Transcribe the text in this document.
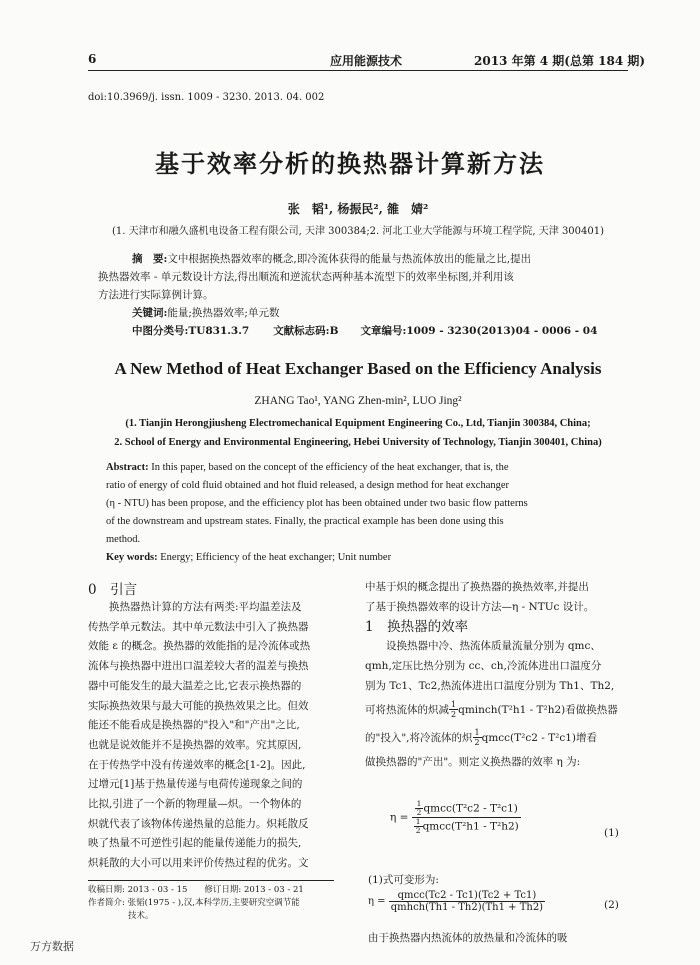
6	应用能源技术	2013 年第 4 期(总第 184 期)
doi:10.3969/j. issn. 1009 - 3230. 2013. 04. 002
基于效率分析的换热器计算新方法
张　韬¹, 杨振民², 雒　婧²
(1. 天津市和融久盛机电设备工程有限公司, 天津 300384;2. 河北工业大学能源与环境工程学院, 天津 300401)
摘　要:文中根据换热器效率的概念,即冷流体获得的能量与热流体放出的能量之比,提出
换热器效率 - 单元数设计方法,得出顺流和逆流状态两种基本流型下的效率坐标图,并利用该
方法进行实际算例计算。
关键词:能量;换热器效率;单元数
中图分类号:TU831.3.7 文献标志码:B 文章编号:1009 - 3230(2013)04 - 0006 - 04
A New Method of Heat Exchanger Based on the Efficiency Analysis
ZHANG Tao¹, YANG Zhen-min², LUO Jing²
(1. Tianjin Herongjiusheng Electromechanical Equipment Engineering Co., Ltd, Tianjin 300384, China;
2. School of Energy and Environmental Engineering, Hebei University of Technology, Tianjin 300401, China)
Abstract: In this paper, based on the concept of the efficiency of the heat exchanger, that is, the
ratio of energy of cold fluid obtained and hot fluid released, a design method for heat exchanger
(η - NTU) has been propose, and the efficiency plot has been obtained under two basic flow patterns
of the downstream and upstream states. Finally, the practical example has been done using this
method.
Key words: Energy; Efficiency of the heat exchanger; Unit number
0　引言
　　换热器热计算的方法有两类:平均温差法及
传热学单元数法。其中单元数法中引入了换热器
效能 ε 的概念。换热器的效能指的是冷流体或热
流体与换热器中进出口温差较大者的温差与换热
器中可能发生的最大温差之比,它表示换热器的
实际换热效果与最大可能的换热效果之比。但效
能还不能看成是换热器的"投入"和"产出"之比,
也就是说效能并不是换热器的效率。究其原因,
在于传热学中没有传递效率的概念[1-2]。因此,
过增元[1]基于热量传递与电荷传递现象之间的
比拟,引进了一个新的物理量—炽。一个物体的
炽就代表了该物体传递热量的总能力。炽耗散反
映了热量不可逆性引起的能量传递能力的损失,
炽耗散的大小可以用来评价传热过程的优劣。文
收稿日期: 2013 - 03 - 15　　修订日期: 2013 - 03 - 21
作者简介: 张韬(1975 - ),汉,本科学历,主要研究空调节能
技术。
中基于炽的概念提出了换热器的换热效率,并提出
了基于换热器效率的设计方法—η - NTUc 设计。
1　换热器的效率
　　设换热器中冷、热流体质量流量分别为 qmc、
qmh,定压比热分别为 cc、ch,冷流体进出口温度分
别为 Tc1、Tc2,热流体进出口温度分别为 Th1、Th2,
可将热流体的炽减 $\frac{1}{2}$ qminch(T²h1 - T²h2)看做换热器
的"投入",将冷流体的炽 $\frac{1}{2}$ qmcc(T²c2 - T²c1)增看
做换热器的"产出"。则定义换热器的效率 η 为:
$\eta = \frac{\frac{1}{2} qmcc(T^2c2 - T^2c1)}{\frac{1}{2} qmcc(T^2h1 - T^2h2)}$	(1)
(1)式可变形为:
$\eta = \frac{\text{qmcc(Tc2 - Tc1)(Tc2 + Tc1)}}{\text{qmhch(Th1 - Th2)(Th1 + Th2)}}$	(2)
由于换热器内热流体的放热量和冷流体的吸
万方数据
